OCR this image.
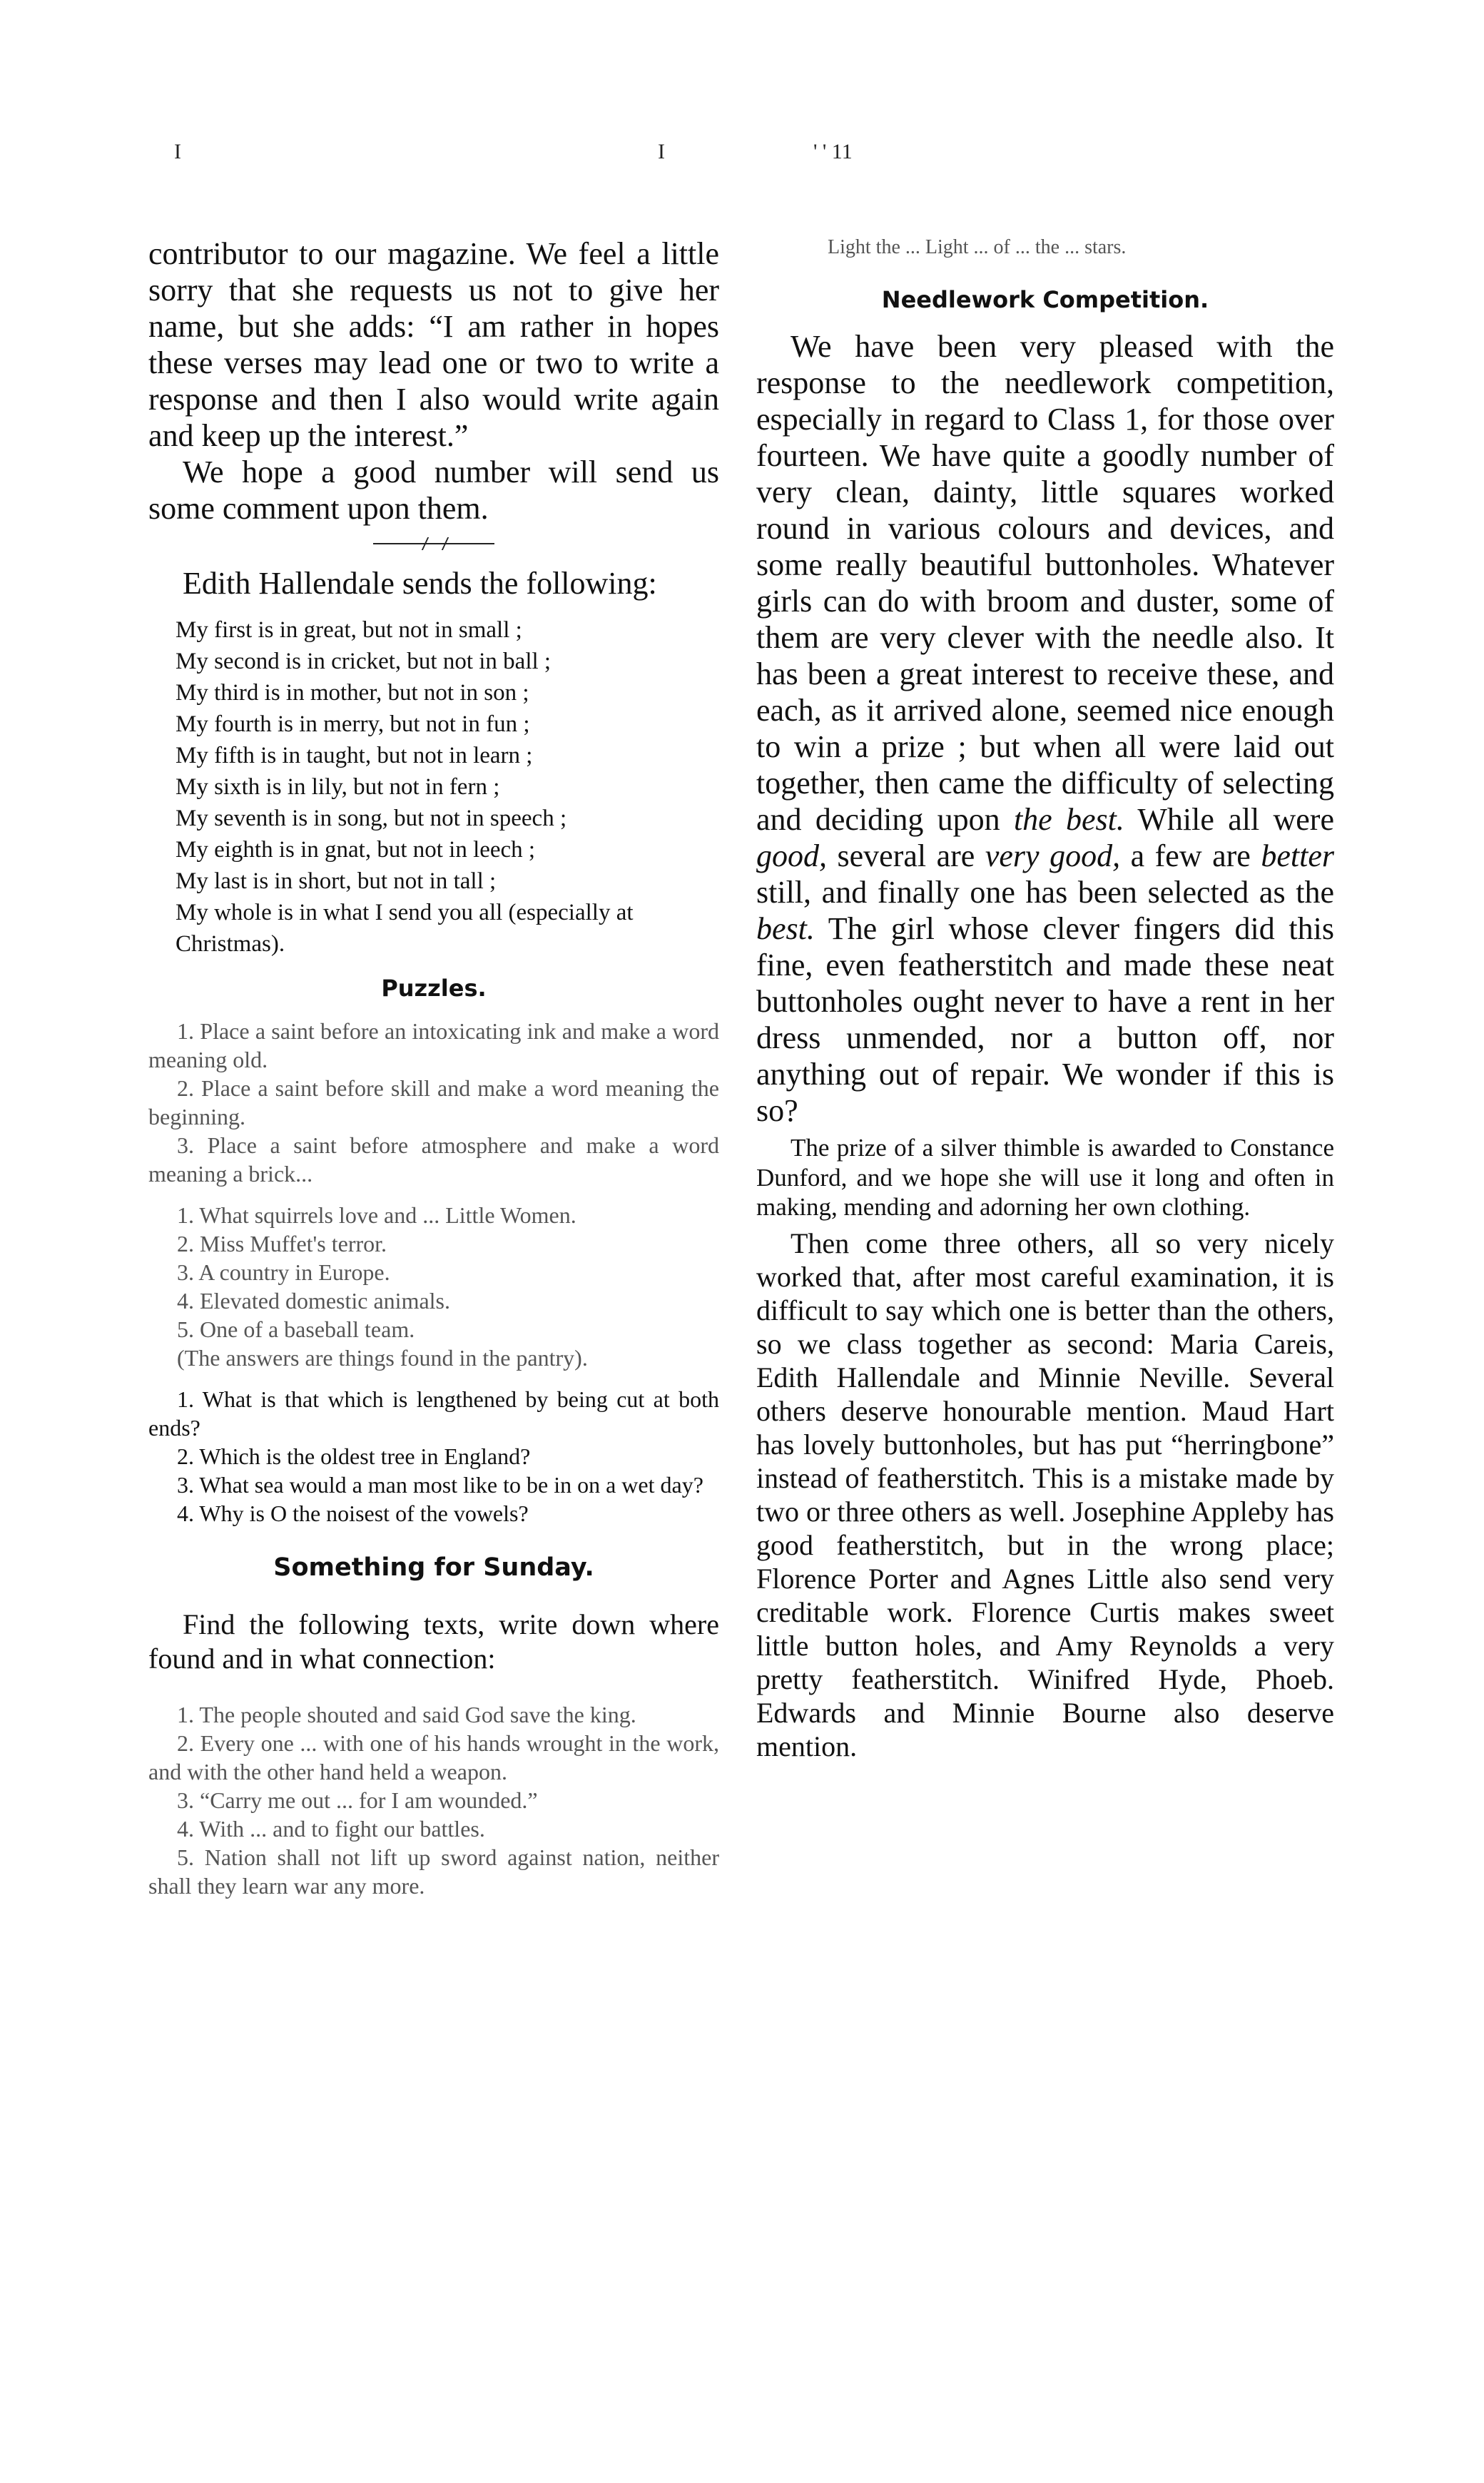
I	I	' ' 11

contributor to our magazine. We feel a little sorry that she requests us not to give her name, but she adds: “I am rather in hopes these verses may lead one or two to write a response and then I also would write again and keep up the interest.”

We hope a good number will send us some comment upon them.

Edith Hallendale sends the following:

My first is in great, but not in small ;
My second is in cricket, but not in ball ;
My third is in mother, but not in son ;
My fourth is in merry, but not in fun ;
My fifth is in taught, but not in learn ;
My sixth is in lily, but not in fern ;
My seventh is in song, but not in speech ;
My eighth is in gnat, but not in leech ;
My last is in short, but not in tall ;

My whole is in what I send you all (especially at Christmas).

Puzzles.

1. Place a saint before an intoxicating ink and make a word meaning old.

2. Place a saint before skill and make a word meaning the beginning.

3. Place a saint before atmosphere and make a word meaning a brick...

1. What squirrels love and ... Little Women.

2. Miss Muffet's terror.

3. A country in Europe.

4. Elevated domestic animals.

5. One of a baseball team.

(The answers are things found in the pantry).

1. What is that which is lengthened by being cut at both ends?

2. Which is the oldest tree in England?

3. What sea would a man most like to be in on a wet day?

4. Why is O the noisest of the vowels?

Something for Sunday.

Find the following texts, write down where found and in what connection:

1. The people shouted and said God save the king.

2. Every one ... with one of his hands wrought in the work, and with the other hand held a weapon.

3. “Carry me out ... for I am wounded.”

4. With ... and to fight our battles.

5. Nation shall not lift up sword against nation, neither shall they learn war any more.

Light the ... Light ... of ... the ... stars.

Needlework Competition.

We have been very pleased with the response to the needlework competition, especially in regard to Class 1, for those over fourteen. We have quite a goodly number of very clean, dainty, little squares worked round in various colours and devices, and some really beautiful buttonholes. Whatever girls can do with broom and duster, some of them are very clever with the needle also. It has been a great interest to receive these, and each, as it arrived alone, seemed nice enough to win a prize ; but when all were laid out together, then came the difficulty of selecting and deciding upon the best. While all were good, several are very good, a few are better still, and finally one has been selected as the best. The girl whose clever fingers did this fine, even featherstitch and made these neat buttonholes ought never to have a rent in her dress unmended, nor a button off, nor anything out of repair. We wonder if this is so?

The prize of a silver thimble is awarded to Constance Dunford, and we hope she will use it long and often in making, mending and adorning her own clothing.

Then come three others, all so very nicely worked that, after most careful examination, it is difficult to say which one is better than the others, so we class together as second: Maria Careis, Edith Hallendale and Minnie Neville. Several others deserve honourable mention. Maud Hart has lovely buttonholes, but has put “herringbone” instead of featherstitch. This is a mistake made by two or three others as well. Josephine Appleby has good featherstitch, but in the wrong place; Florence Porter and Agnes Little also send very creditable work. Florence Curtis makes sweet little button holes, and Amy Reynolds a very pretty featherstitch. Winifred Hyde, Phoeb. Edwards and Minnie Bourne also deserve mention.
